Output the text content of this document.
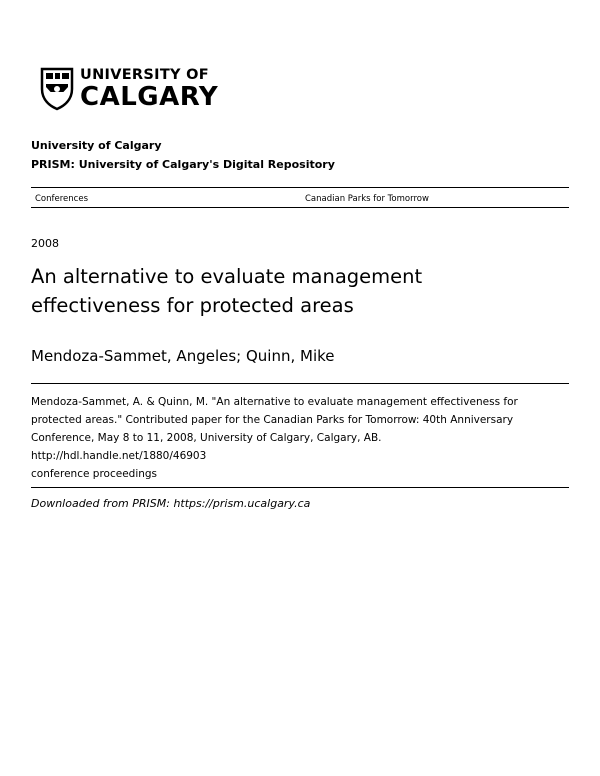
UNIVERSITY OF
CALGARY
University of Calgary
PRISM: University of Calgary's Digital Repository
Conferences	Canadian Parks for Tomorrow
2008
An alternative to evaluate management
effectiveness for protected areas
Mendoza-Sammet, Angeles; Quinn, Mike
Mendoza-Sammet, A. & Quinn, M. "An alternative to evaluate management effectiveness for
protected areas." Contributed paper for the Canadian Parks for Tomorrow: 40th Anniversary
Conference, May 8 to 11, 2008, University of Calgary, Calgary, AB.
http://hdl.handle.net/1880/46903
conference proceedings
Downloaded from PRISM: https://prism.ucalgary.ca
